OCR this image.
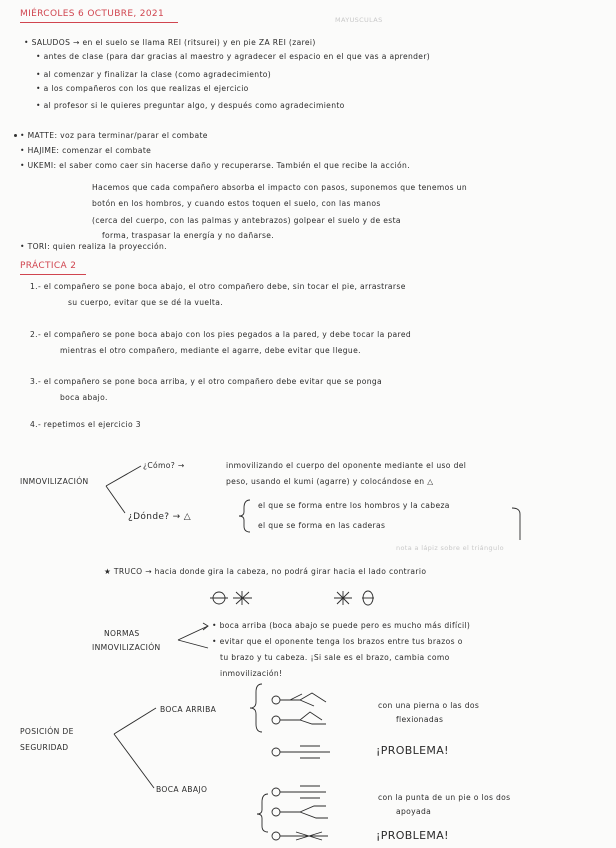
MIÉRCOLES 6 OCTUBRE, 2021
MAYUSCULAS
• SALUDOS → en el suelo se llama REI (ritsurei) y en pie ZA REI (zarei)
• antes de clase (para dar gracias al maestro y agradecer el espacio en el que vas a aprender)
• al comenzar y finalizar la clase (como agradecimiento)
• a los compañeros con los que realizas el ejercicio
• al profesor si le quieres preguntar algo, y después como agradecimiento
• MATTE: voz para terminar/parar el combate
• HAJIME: comenzar el combate
• UKEMI: el saber como caer sin hacerse daño y recuperarse. También el que recibe la acción.
Hacemos que cada compañero absorba el impacto con pasos, suponemos que tenemos un
botón en los hombros, y cuando estos toquen el suelo, con las manos
(cerca del cuerpo, con las palmas y antebrazos) golpear el suelo y de esta
forma, traspasar la energía y no dañarse.
• TORI: quien realiza la proyección.
PRÁCTICA 2
1.- el compañero se pone boca abajo, el otro compañero debe, sin tocar el pie, arrastrarse
su cuerpo, evitar que se dé la vuelta.
2.- el compañero se pone boca abajo con los pies pegados a la pared, y debe tocar la pared
mientras el otro compañero, mediante el agarre, debe evitar que llegue.
3.- el compañero se pone boca arriba, y el otro compañero debe evitar que se ponga
boca abajo.
4.- repetimos el ejercicio 3
INMOVILIZACIÓN
¿Cómo? →	inmovilizando el cuerpo del oponente mediante el uso del
peso, usando el kumi (agarre) y colocándose en △
¿Dónde? → △
el que se forma entre los hombros y la cabeza
el que se forma en las caderas
nota a lápiz sobre el triángulo
★ TRUCO → hacia donde gira la cabeza, no podrá girar hacia el lado contrario
NORMAS
INMOVILIZACIÓN
• boca arriba (boca abajo se puede pero es mucho más difícil)
• evitar que el oponente tenga los brazos entre tus brazos o
tu brazo y tu cabeza. ¡Si sale es el brazo, cambia como
inmovilización!
POSICIÓN DE
SEGURIDAD
BOCA ARRIBA
BOCA ABAJO
con una pierna o las dos
flexionadas
¡PROBLEMA!
con la punta de un pie o los dos
apoyada
¡PROBLEMA!
